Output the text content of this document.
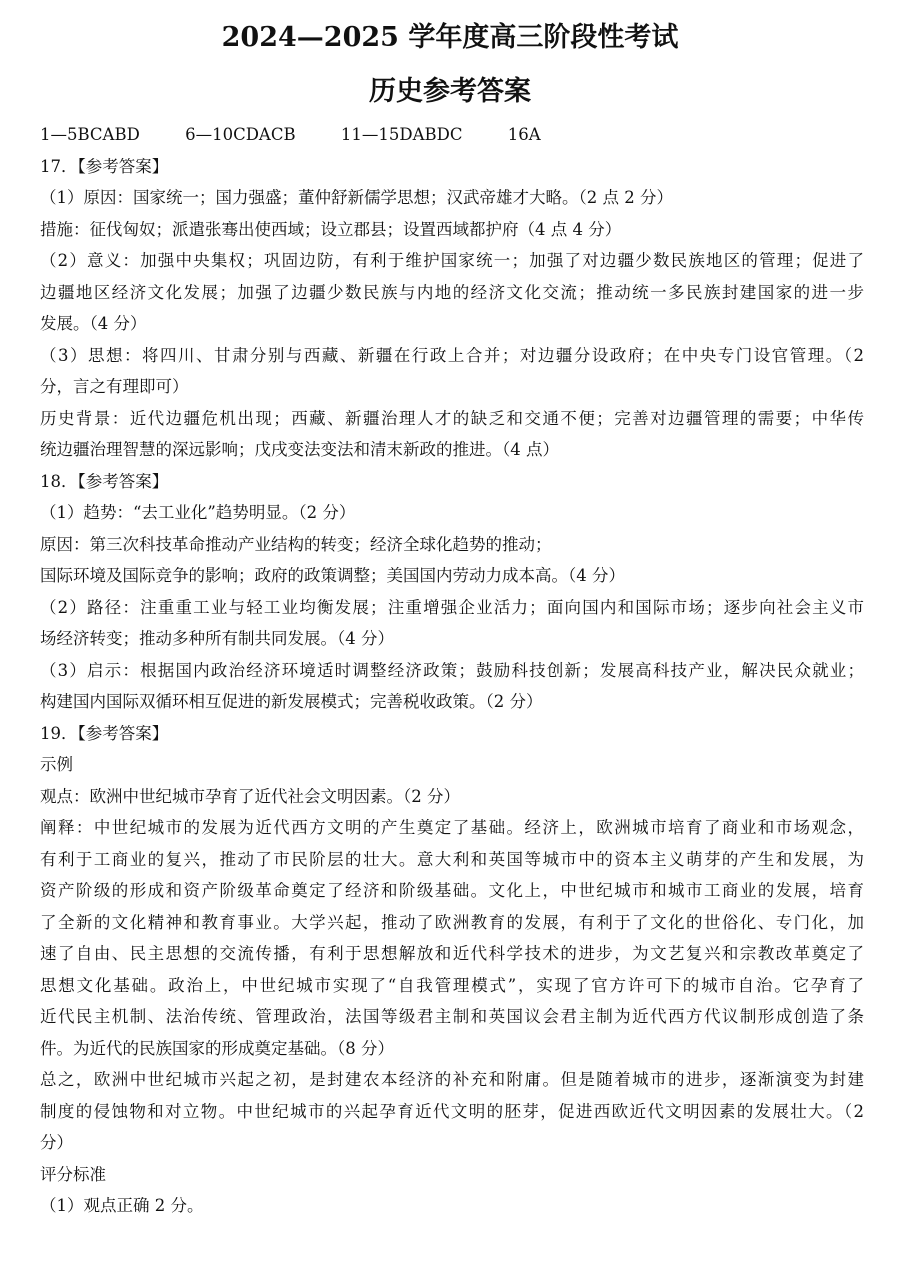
2024—2025 学年度高三阶段性考试
历史参考答案
1—5BCABD	6—10CDACB	11—15DABDC	16A
17．【参考答案】
（1）原因：国家统一；国力强盛；董仲舒新儒学思想；汉武帝雄才大略。（2 点 2 分）
措施：征伐匈奴；派遣张骞出使西域；设立郡县；设置西域都护府（4 点 4 分）
（2）意义：加强中央集权；巩固边防，有利于维护国家统一；加强了对边疆少数民族地区的管理；促进了
边疆地区经济文化发展；加强了边疆少数民族与内地的经济文化交流；推动统一多民族封建国家的进一步
发展。（4 分）
（3）思想：将四川、甘肃分别与西藏、新疆在行政上合并；对边疆分设政府；在中央专门设官管理。（2
分，言之有理即可）
历史背景：近代边疆危机出现；西藏、新疆治理人才的缺乏和交通不便；完善对边疆管理的需要；中华传
统边疆治理智慧的深远影响；戊戌变法变法和清末新政的推进。（4 点）
18．【参考答案】
（1）趋势：“去工业化”趋势明显。（2 分）
原因：第三次科技革命推动产业结构的转变；经济全球化趋势的推动；
国际环境及国际竞争的影响；政府的政策调整；美国国内劳动力成本高。（4 分）
（2）路径：注重重工业与轻工业均衡发展；注重增强企业活力；面向国内和国际市场；逐步向社会主义市
场经济转变；推动多种所有制共同发展。（4 分）
（3）启示：根据国内政治经济环境适时调整经济政策；鼓励科技创新；发展高科技产业，解决民众就业；
构建国内国际双循环相互促进的新发展模式；完善税收政策。（2 分）
19．【参考答案】
示例
观点：欧洲中世纪城市孕育了近代社会文明因素。（2 分）
阐释：中世纪城市的发展为近代西方文明的产生奠定了基础。经济上，欧洲城市培育了商业和市场观念，
有利于工商业的复兴，推动了市民阶层的壮大。意大利和英国等城市中的资本主义萌芽的产生和发展，为
资产阶级的形成和资产阶级革命奠定了经济和阶级基础。文化上，中世纪城市和城市工商业的发展，培育
了全新的文化精神和教育事业。大学兴起，推动了欧洲教育的发展，有利于了文化的世俗化、专门化，加
速了自由、民主思想的交流传播，有利于思想解放和近代科学技术的进步，为文艺复兴和宗教改革奠定了
思想文化基础。政治上，中世纪城市实现了“自我管理模式”，实现了官方许可下的城市自治。它孕育了
近代民主机制、法治传统、管理政治，法国等级君主制和英国议会君主制为近代西方代议制形成创造了条
件。为近代的民族国家的形成奠定基础。（8 分）
总之，欧洲中世纪城市兴起之初，是封建农本经济的补充和附庸。但是随着城市的进步，逐渐演变为封建
制度的侵蚀物和对立物。中世纪城市的兴起孕育近代文明的胚芽，促进西欧近代文明因素的发展壮大。（2
分）
评分标准
（1）观点正确 2 分。
